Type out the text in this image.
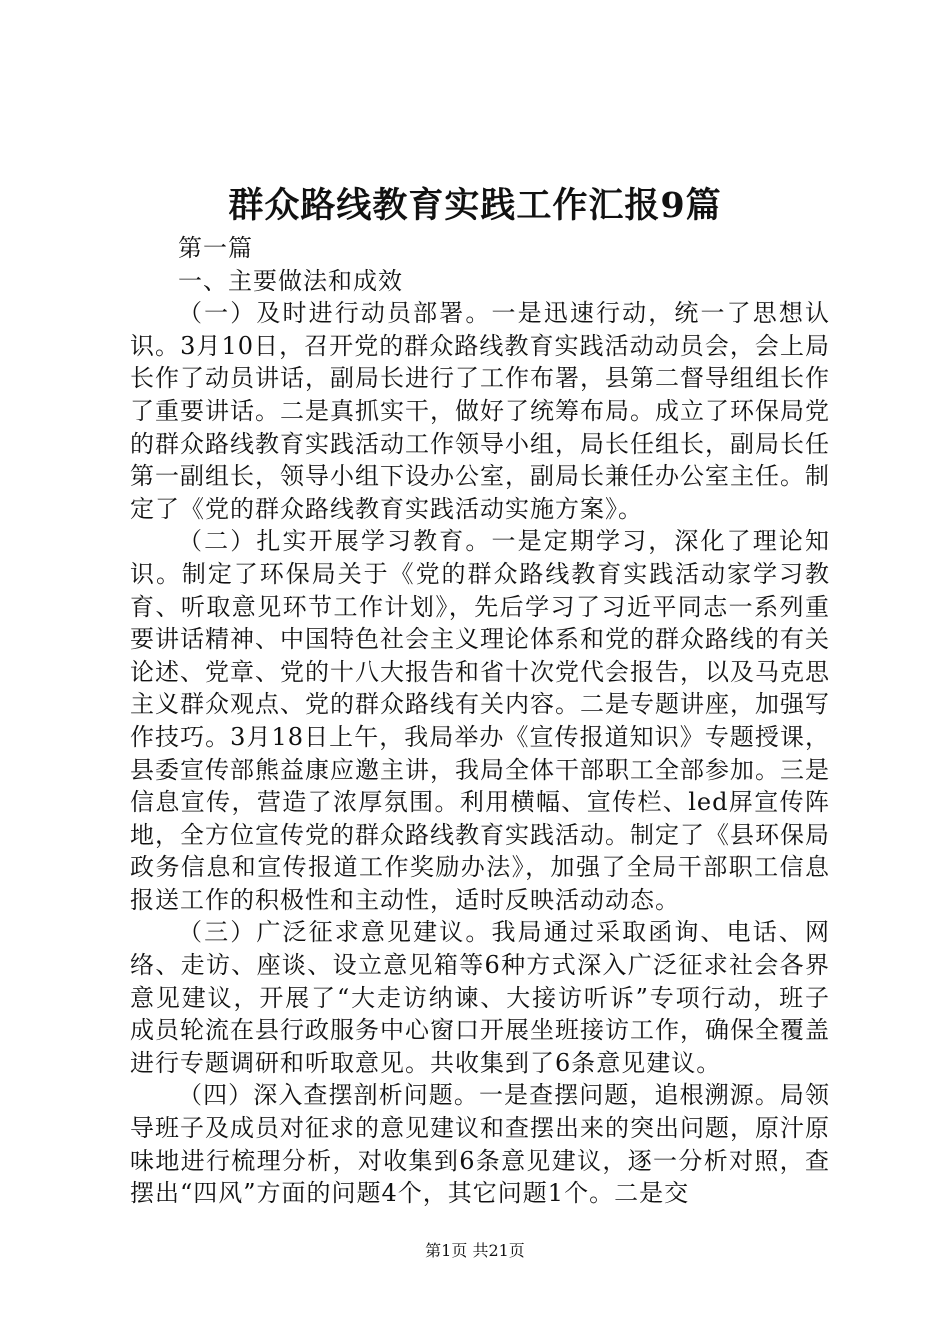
群众路线教育实践工作汇报9篇

第一篇

一、主要做法和成效

（一）及时进行动员部署。一是迅速行动，统一了思想认识。3月10日，召开党的群众路线教育实践活动动员会，会上局长作了动员讲话，副局长进行了工作布署，县第二督导组组长作了重要讲话。二是真抓实干，做好了统筹布局。成立了环保局党的群众路线教育实践活动工作领导小组，局长任组长，副局长任第一副组长，领导小组下设办公室，副局长兼任办公室主任。制定了《党的群众路线教育实践活动实施方案》。

（二）扎实开展学习教育。一是定期学习，深化了理论知识。制定了环保局关于《党的群众路线教育实践活动家学习教育、听取意见环节工作计划》，先后学习了习近平同志一系列重要讲话精神、中国特色社会主义理论体系和党的群众路线的有关论述、党章、党的十八大报告和省十次党代会报告，以及马克思主义群众观点、党的群众路线有关内容。二是专题讲座，加强写作技巧。3月18日上午，我局举办《宣传报道知识》专题授课，县委宣传部熊益康应邀主讲，我局全体干部职工全部参加。三是信息宣传，营造了浓厚氛围。利用横幅、宣传栏、led屏宣传阵地，全方位宣传党的群众路线教育实践活动。制定了《县环保局政务信息和宣传报道工作奖励办法》，加强了全局干部职工信息报送工作的积极性和主动性，适时反映活动动态。

（三）广泛征求意见建议。我局通过采取函询、电话、网络、走访、座谈、设立意见箱等6种方式深入广泛征求社会各界意见建议，开展了“大走访纳谏、大接访听诉”专项行动，班子成员轮流在县行政服务中心窗口开展坐班接访工作，确保全覆盖进行专题调研和听取意见。共收集到了6条意见建议。

（四）深入查摆剖析问题。一是查摆问题，追根溯源。局领导班子及成员对征求的意见建议和查摆出来的突出问题，原汁原味地进行梳理分析，对收集到6条意见建议，逐一分析对照，查摆出“四风”方面的问题4个，其它问题1个。二是交

第1页 共21页
